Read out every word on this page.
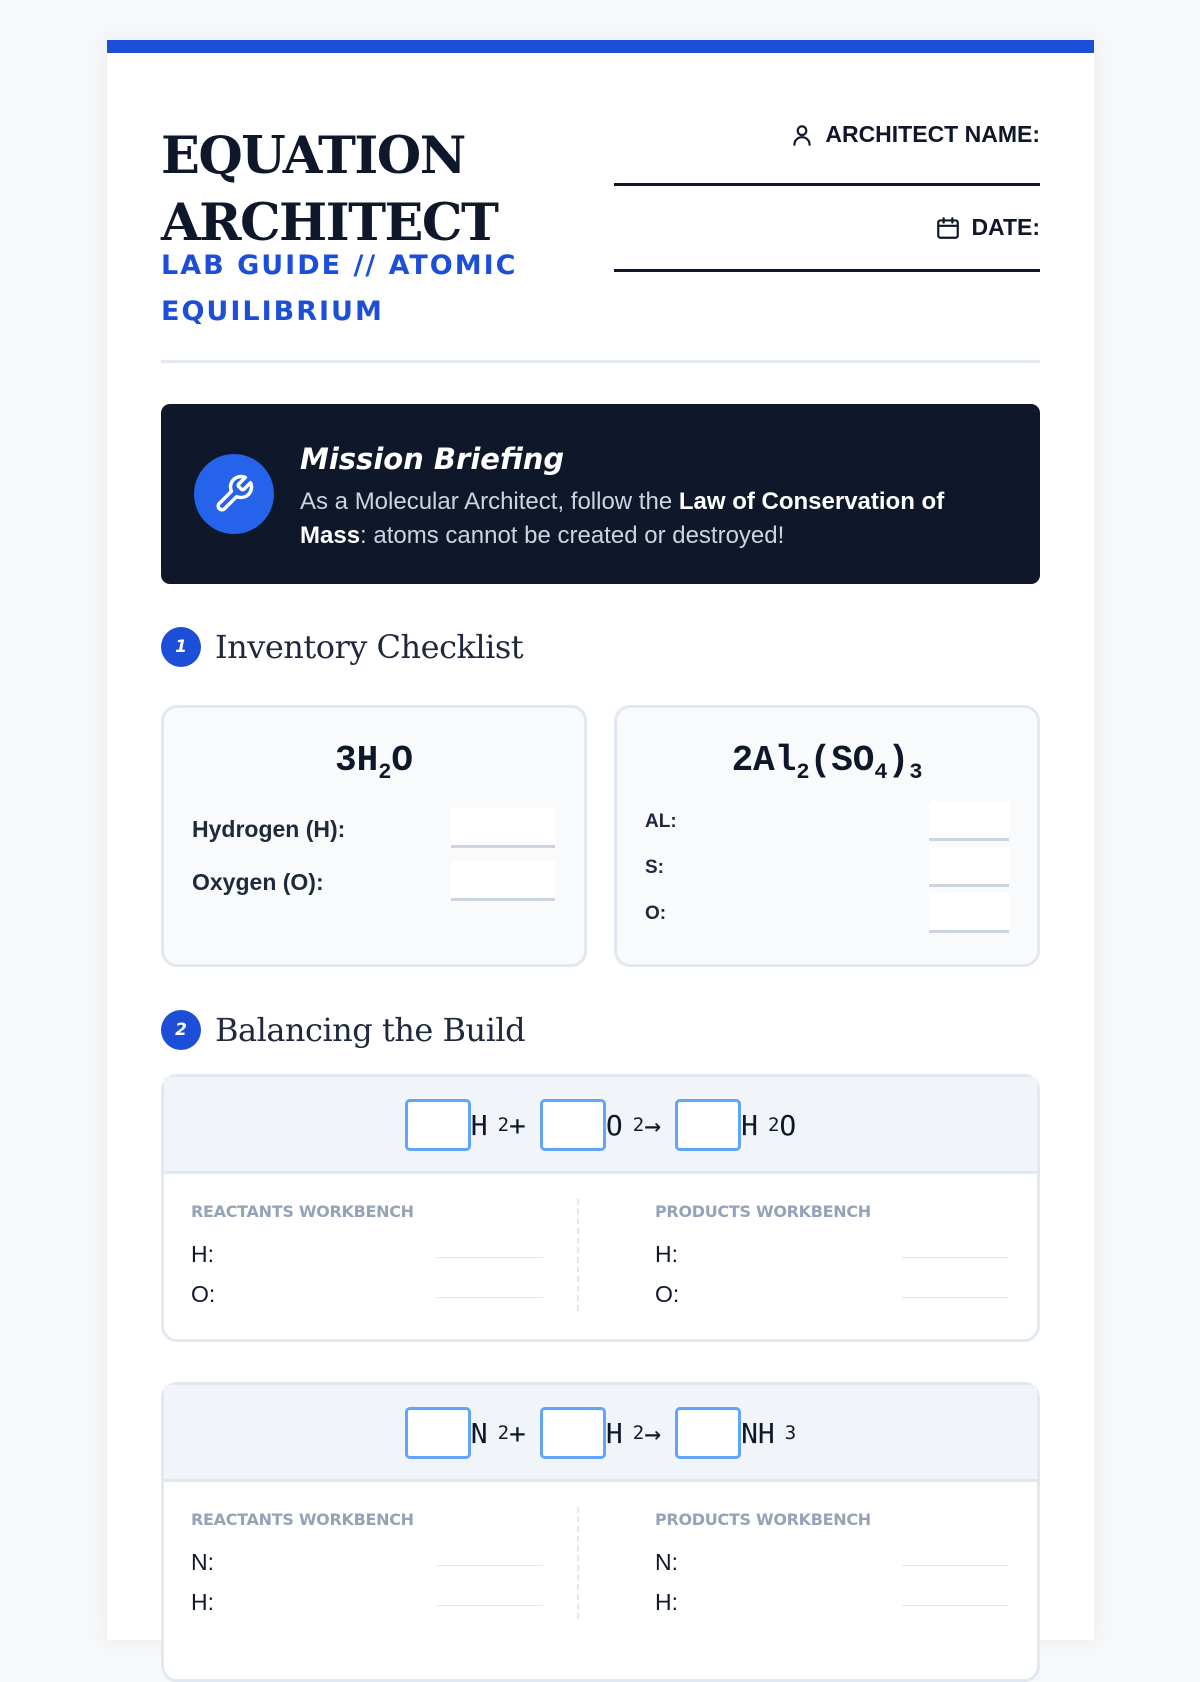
EQUATION
ARCHITECT
LAB GUIDE // ATOMIC EQUILIBRIUM
ARCHITECT NAME:
DATE:
Mission Briefing
As a Molecular Architect, follow the Law of Conservation of Mass: atoms cannot be created or destroyed!
1 Inventory Checklist
$3H_2O$
Hydrogen (H):
Oxygen (O):
$2Al_2(SO_4)_3$
AL:
S:
O:
2 Balancing the Build
H 2 +	O 2 →	H 2 O
REACTANTS WORKBENCH
H:
O:
PRODUCTS WORKBENCH
H:
O:
N 2 +	H 2 →	NH 3
REACTANTS WORKBENCH
N:
H:
PRODUCTS WORKBENCH
N:
H:
